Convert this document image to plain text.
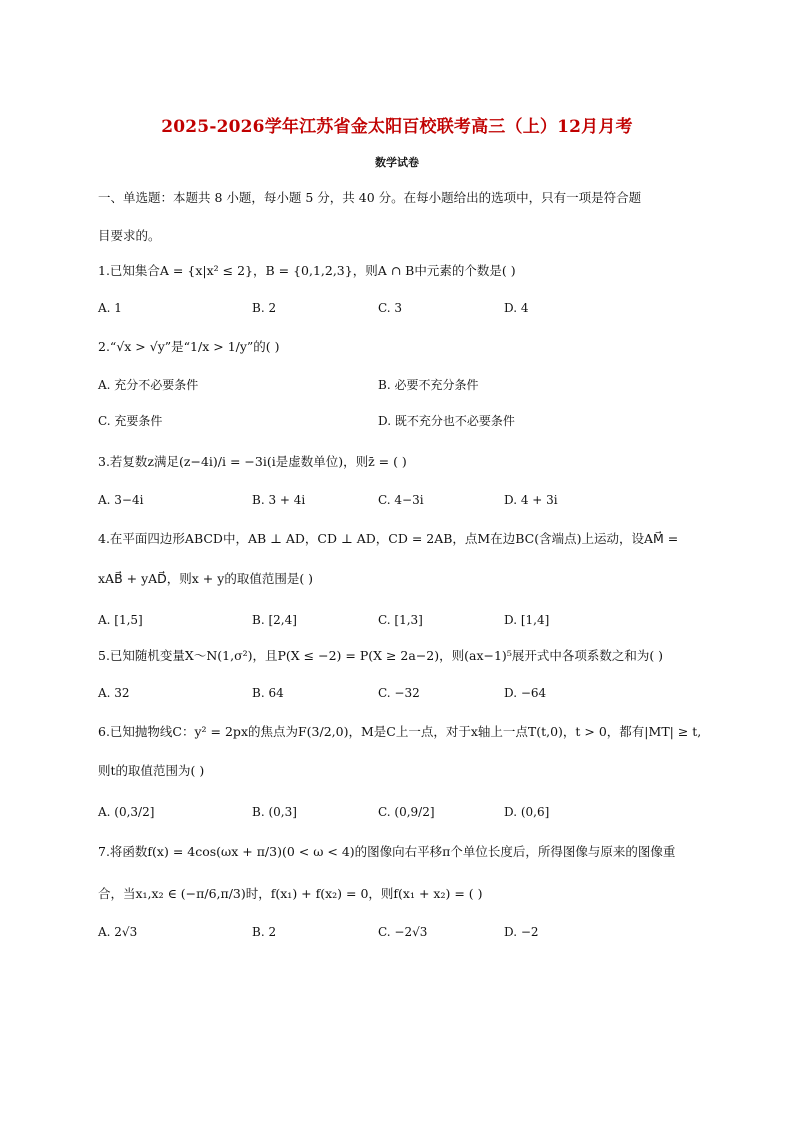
2025-2026学年江苏省金太阳百校联考高三（上）12月月考
数学试卷
一、单选题：本题共 8 小题，每小题 5 分，共 40 分。在每小题给出的选项中，只有一项是符合题
目要求的。
1.已知集合A = {x|x² ≤ 2}，B = {0,1,2,3}，则A ∩ B中元素的个数是( )
A. 1	B. 2	C. 3	D. 4
2.“√x > √y”是“1/x > 1/y”的( )
A. 充分不必要条件	B. 必要不充分条件
C. 充要条件	D. 既不充分也不必要条件
3.若复数z满足(z−4i)/i = −3i(i是虚数单位)，则z̄ = ( )
A. 3−4i	B. 3 + 4i	C. 4−3i	D. 4 + 3i
4.在平面四边形ABCD中，AB ⊥ AD，CD ⊥ AD，CD = 2AB，点M在边BC(含端点)上运动，设AM⃗ =
xAB⃗ + yAD⃗，则x + y的取值范围是( )
A. [1,5]	B. [2,4]	C. [1,3]	D. [1,4]
5.已知随机变量X～N(1,σ²)，且P(X ≤ −2) = P(X ≥ 2a−2)，则(ax−1)⁵展开式中各项系数之和为( )
A. 32	B. 64	C. −32	D. −64
6.已知抛物线C：y² = 2px的焦点为F(3/2,0)，M是C上一点，对于x轴上一点T(t,0)，t > 0，都有|MT| ≥ t,
则t的取值范围为( )
A. (0,3/2]	B. (0,3]	C. (0,9/2]	D. (0,6]
7.将函数f(x) = 4cos(ωx + π/3)(0 < ω < 4)的图像向右平移π个单位长度后，所得图像与原来的图像重
合，当x₁,x₂ ∈ (−π/6,π/3)时，f(x₁) + f(x₂) = 0，则f(x₁ + x₂) = ( )
A. 2√3	B. 2	C. −2√3	D. −2
